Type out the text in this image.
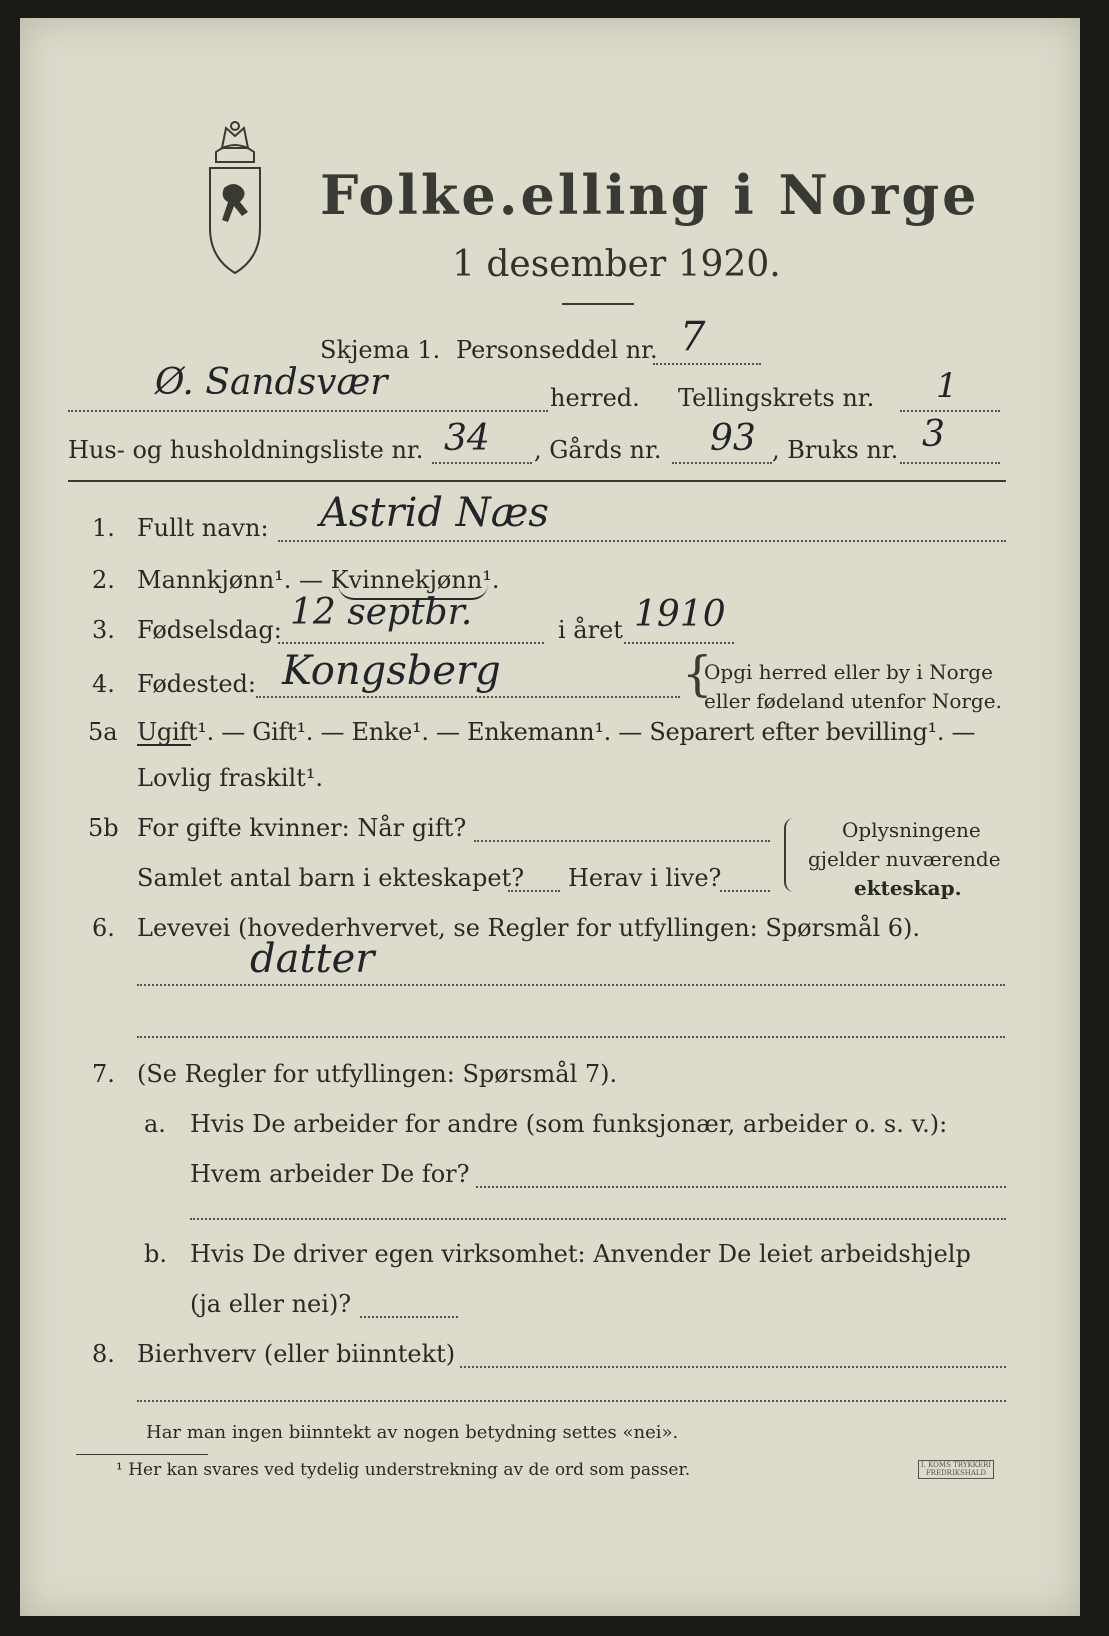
Folke.elling i Norge
1 desember 1920.
Skjema 1. Personseddel nr. 7
Ø. Sandsvær	herred. Tellingskrets nr. 1
Hus- og husholdningsliste nr. 34 , Gårds nr. 93 , Bruks nr. 3
1. Fullt navn: Astrid Næs
2. Mannkjønn¹. — Kvinnekjønn¹.
3. Fødselsdag: 12 septbr.	i året 1910
4. Fødested: Kongsberg	{
Opgi herred eller by i Norge
eller fødeland utenfor Norge.
5a Ugift¹. — Gift¹. — Enke¹. — Enkemann¹. — Separert efter bevilling¹. —
Lovlig fraskilt¹.
5b For gifte kvinner: Når gift?
Samlet antal barn i ekteskapet? Herav i live?
Oplysningene
gjelder nuværende
ekteskap.
6. Levevei (hovederhvervet, se Regler for utfyllingen: Spørsmål 6).
datter
7. (Se Regler for utfyllingen: Spørsmål 7).
a. Hvis De arbeider for andre (som funksjonær, arbeider o. s. v.):
Hvem arbeider De for?
b. Hvis De driver egen virksomhet: Anvender De leiet arbeidshjelp
(ja eller nei)?
8. Bierhverv (eller biinntekt)
Har man ingen biinntekt av nogen betydning settes «nei».
¹ Her kan svares ved tydelig understrekning av de ord som passer.	I. KOMS TRYKKERI FREDRIKSHALD
